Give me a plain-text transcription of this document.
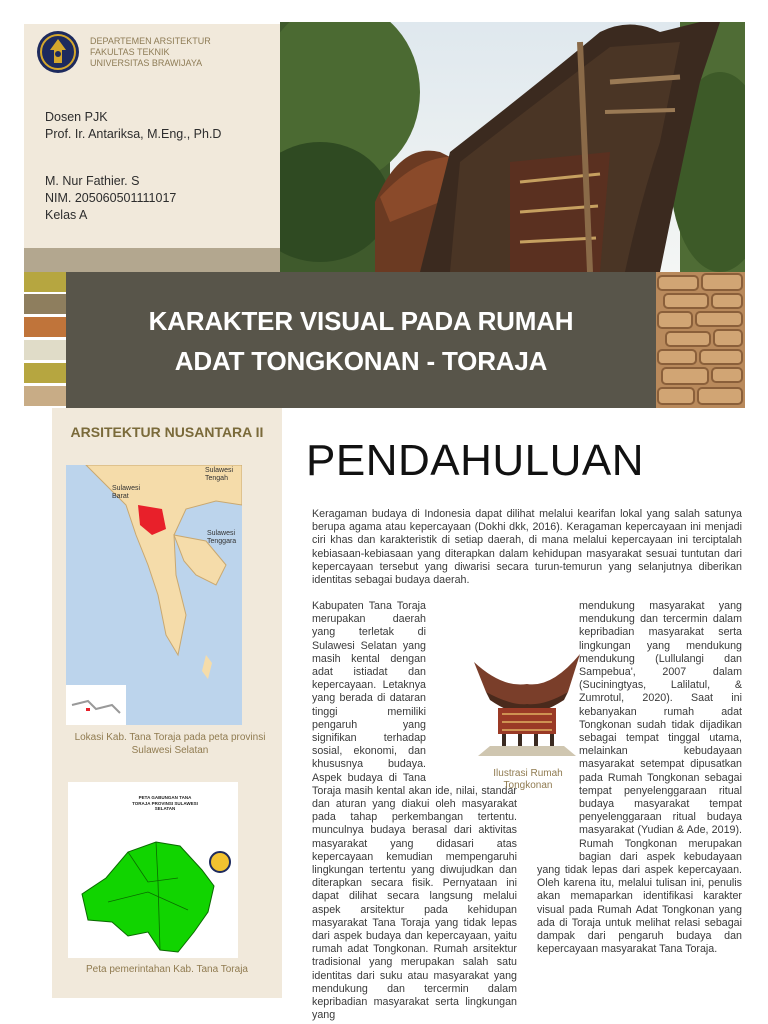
DEPARTEMEN ARSITEKTUR
FAKULTAS TEKNIK
UNIVERSITAS BRAWIJAYA
Dosen PJK
Prof. Ir. Antariksa, M.Eng., Ph.D
M. Nur Fathier. S
NIM. 205060501111017
Kelas A
KARAKTER VISUAL PADA RUMAH
ADAT TONGKONAN - TORAJA
ARSITEKTUR NUSANTARA II
Sulawesi Barat
Sulawesi Tengah
Sulawesi Tenggara
Lokasi Kab. Tana Toraja pada peta provinsi Sulawesi Selatan
PETA GABUNGAN TANA TORAJA PROVINSI SULAWESI SELATAN
Peta pemerintahan Kab. Tana Toraja
PENDAHULUAN
Keragaman budaya di Indonesia dapat dilihat melalui kearifan lokal yang salah satunya berupa agama atau kepercayaan (Dokhi dkk, 2016). Keragaman kepercayaan ini menjadi ciri khas dan karakteristik di setiap daerah, di mana melalui kepercayaan ini terciptalah kebiasaan-kebiasaan yang diterapkan dalam kehidupan masyarakat sesuai tuntutan dari kepercayaan tersebut yang diwarisi secara turun-temurun yang selanjutnya diberikan identitas sebagai budaya daerah.
Kabupaten Tana Toraja merupakan daerah yang terletak di Sulawesi Selatan yang masih kental dengan adat istiadat dan kepercayaan. Letaknya yang berada di dataran tinggi memiliki pengaruh yang signifikan terhadap sosial, ekonomi, dan khususnya budaya. Aspek budaya di Tana Toraja masih kental akan ide, nilai, standar dan aturan yang diakui oleh masyarakat pada tahap perkembangan tertentu. munculnya budaya berasal dari aktivitas masyarakat yang didasari atas kepercayaan kemudian mempengaruhi lingkungan tertentu yang diwujudkan dan diterapkan secara fisik. Pernyataan ini dapat dilihat secara langsung melalui aspek arsitektur pada kehidupan masyarakat Tana Toraja yang tidak lepas dari aspek budaya dan kepercayaan, yaitu rumah adat Tongkonan. Rumah arsitektur tradisional yang merupakan salah satu identitas dari suku atau masyarakat yang mendukung dan tercermin dalam kepribadian masyarakat serta lingkungan yang
mendukung masyarakat yang mendukung dan tercermin dalam kepribadian masyarakat serta lingkungan yang mendukung mendukung (Lullulangi dan Sampebua', 2007 dalam (Suciningtyas, Lalilatul, & Zumrotul, 2020). Saat ini kebanyakan rumah adat Tongkonan sudah tidak dijadikan sebagai tempat tinggal utama, melainkan kebudayaan masyarakat setempat dipusatkan pada Rumah Tongkonan sebagai tempat penyelenggaraan ritual budaya masyarakat tempat penyelenggaraan ritual budaya masyarakat (Yudian & Ade, 2019). Rumah Tongkonan merupakan bagian dari aspek kebudayaan yang tidak lepas dari aspek kepercayaan. Oleh karena itu, melalui tulisan ini, penulis akan memaparkan identifikasi karakter visual pada Rumah Adat Tongkonan yang ada di Toraja untuk melihat relasi sebagai dampak dari pengaruh budaya dan kepercayaan masyarakat Tana Toraja.
Ilustrasi Rumah Tongkonan
